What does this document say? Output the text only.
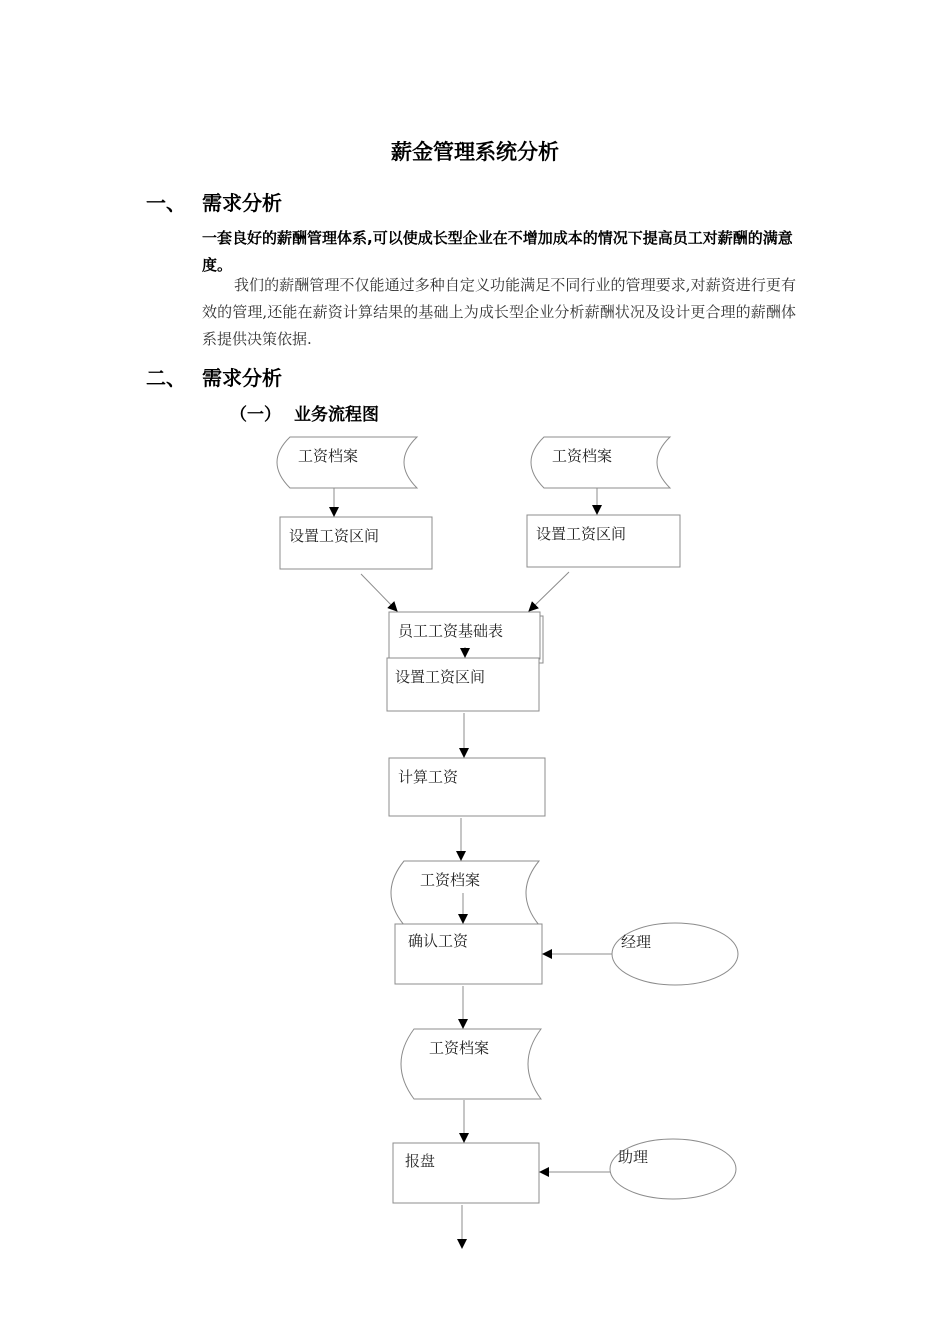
薪金管理系统分析
一、 需求分析
一套良好的薪酬管理体系,可以使成长型企业在不增加成本的情况下提高员工对薪酬的满意度。
我们的薪酬管理不仅能通过多种自定义功能满足不同行业的管理要求,对薪资进行更有效的管理,还能在薪资计算结果的基础上为成长型企业分析薪酬状况及设计更合理的薪酬体系提供决策依据.
二、 需求分析
（一） 业务流程图
工资档案	工资档案
设置工资区间	设置工资区间
员工工资基础表
设置工资区间
计算工资
工资档案
确认工资	经理
工资档案
报盘	助理
